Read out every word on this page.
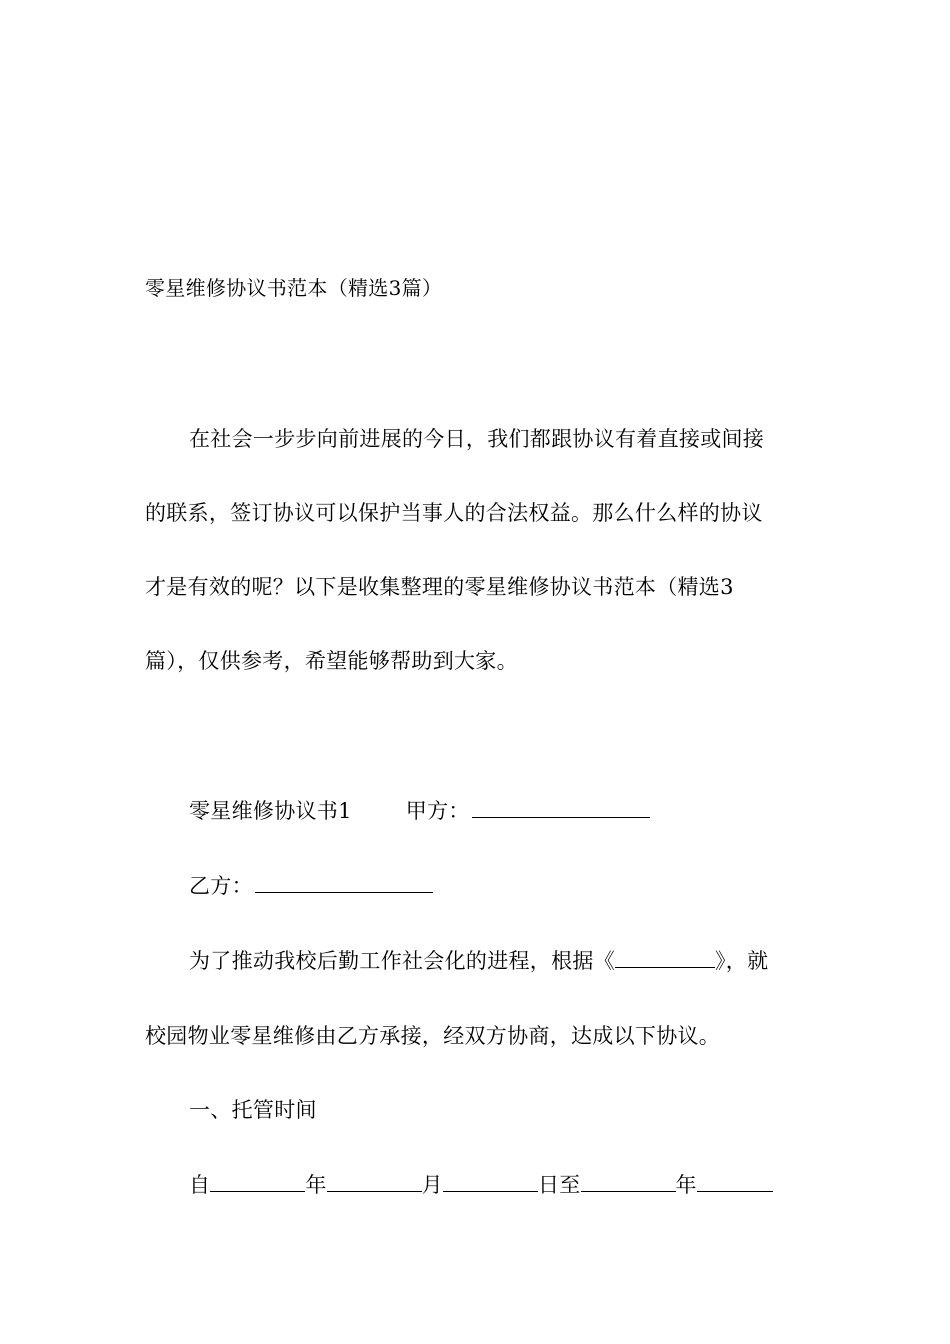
零星维修协议书范本（精选3篇）
在社会一步步向前进展的今日，我们都跟协议有着直接或间接
的联系，签订协议可以保护当事人的合法权益。那么什么样的协议
才是有效的呢？以下是收集整理的零星维修协议书范本（精选3
篇），仅供参考，希望能够帮助到大家。
零星维修协议书1	甲方：
乙方：
为了推动我校后勤工作社会化的进程，根据《	》，就
校园物业零星维修由乙方承接，经双方协商，达成以下协议。
一、托管时间
自	年	月	日至	年
